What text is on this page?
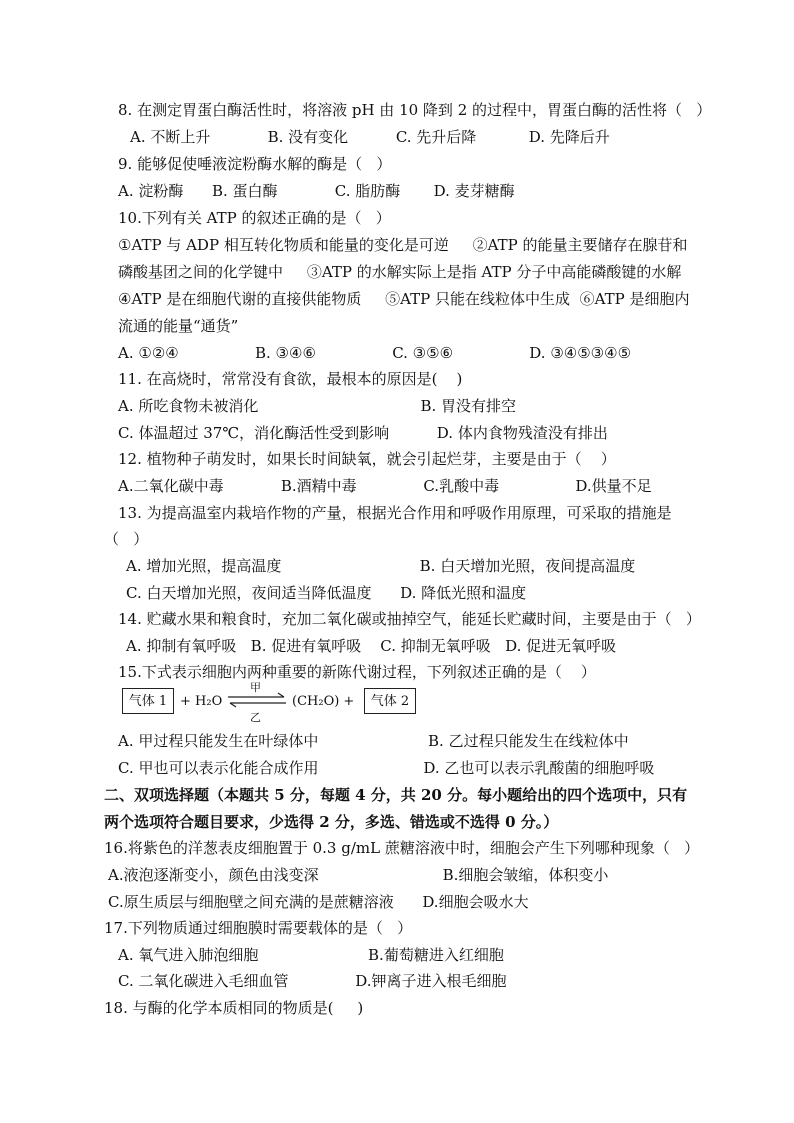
8. 在测定胃蛋白酶活性时，将溶液 pH 由 10 降到 2 的过程中，胃蛋白酶的活性将（   ）
A. 不断上升            B. 没有变化          C. 先升后降           D. 先降后升
9. 能够促使唾液淀粉酶水解的酶是（   ）
A. 淀粉酶      B. 蛋白酶            C. 脂肪酶       D. 麦芽糖酶
10.下列有关 ATP 的叙述正确的是（   ）
①ATP 与 ADP 相互转化物质和能量的变化是可逆     ②ATP 的能量主要储存在腺苷和
磷酸基团之间的化学键中     ③ATP 的水解实际上是指 ATP 分子中高能磷酸键的水解
④ATP 是在细胞代谢的直接供能物质     ⑤ATP 只能在线粒体中生成  ⑥ATP 是细胞内
流通的能量“通货”
A. ①②④                B. ③④⑥                C. ③⑤⑥                D. ③④⑤③④⑤
11. 在高烧时，常常没有食欲，最根本的原因是(    )
A. 所吃食物未被消化                                  B. 胃没有排空
C. 体温超过 37℃，消化酶活性受到影响          D. 体内食物残渣没有排出
12. 植物种子萌发时，如果长时间缺氧，就会引起烂芽，主要是由于（    ）
A.二氧化碳中毒            B.酒精中毒              C.乳酸中毒                D.供量不足
13. 为提高温室内栽培作物的产量，根据光合作用和呼吸作用原理，可采取的措施是
（   ）
A. 增加光照，提高温度                             B. 白天增加光照，夜间提高温度
C. 白天增加光照，夜间适当降低温度      D. 降低光照和温度
14. 贮藏水果和粮食时，充加二氧化碳或抽掉空气，能延长贮藏时间，主要是由于（   ）
A. 抑制有氧呼吸   B. 促进有氧呼吸    C. 抑制无氧呼吸   D. 促进无氧呼吸
15.下式表示细胞内两种重要的新陈代谢过程，下列叙述正确的是（    ）
A. 甲过程只能发生在叶绿体中                       B. 乙过程只能发生在线粒体中
C. 甲也可以表示化能合成作用                      D. 乙也可以表示乳酸菌的细胞呼吸
二、双项选择题（本题共 5 分，每题 4 分，共 20 分。每小题给出的四个选项中，只有
两个选项符合题目要求，少选得 2 分，多选、错选或不选得 0 分。）
16.将紫色的洋葱表皮细胞置于 0.3 g/mL 蔗糖溶液中时，细胞会产生下列哪种现象（   ）
A.液泡逐渐变小，颜色由浅变深                          B.细胞会皱缩，体积变小
C.原生质层与细胞壁之间充满的是蔗糖溶液      D.细胞会吸水大
17.下列物质通过细胞膜时需要载体的是（   ）
A. 氧气进入肺泡细胞                       B.葡萄糖进入红细胞
C. 二氧化碳进入毛细血管              D.钾离子进入根毛细胞
18. 与酶的化学本质相同的物质是(     )
气体 1 + H₂O
甲
乙
(CH₂O) +	气体 2
